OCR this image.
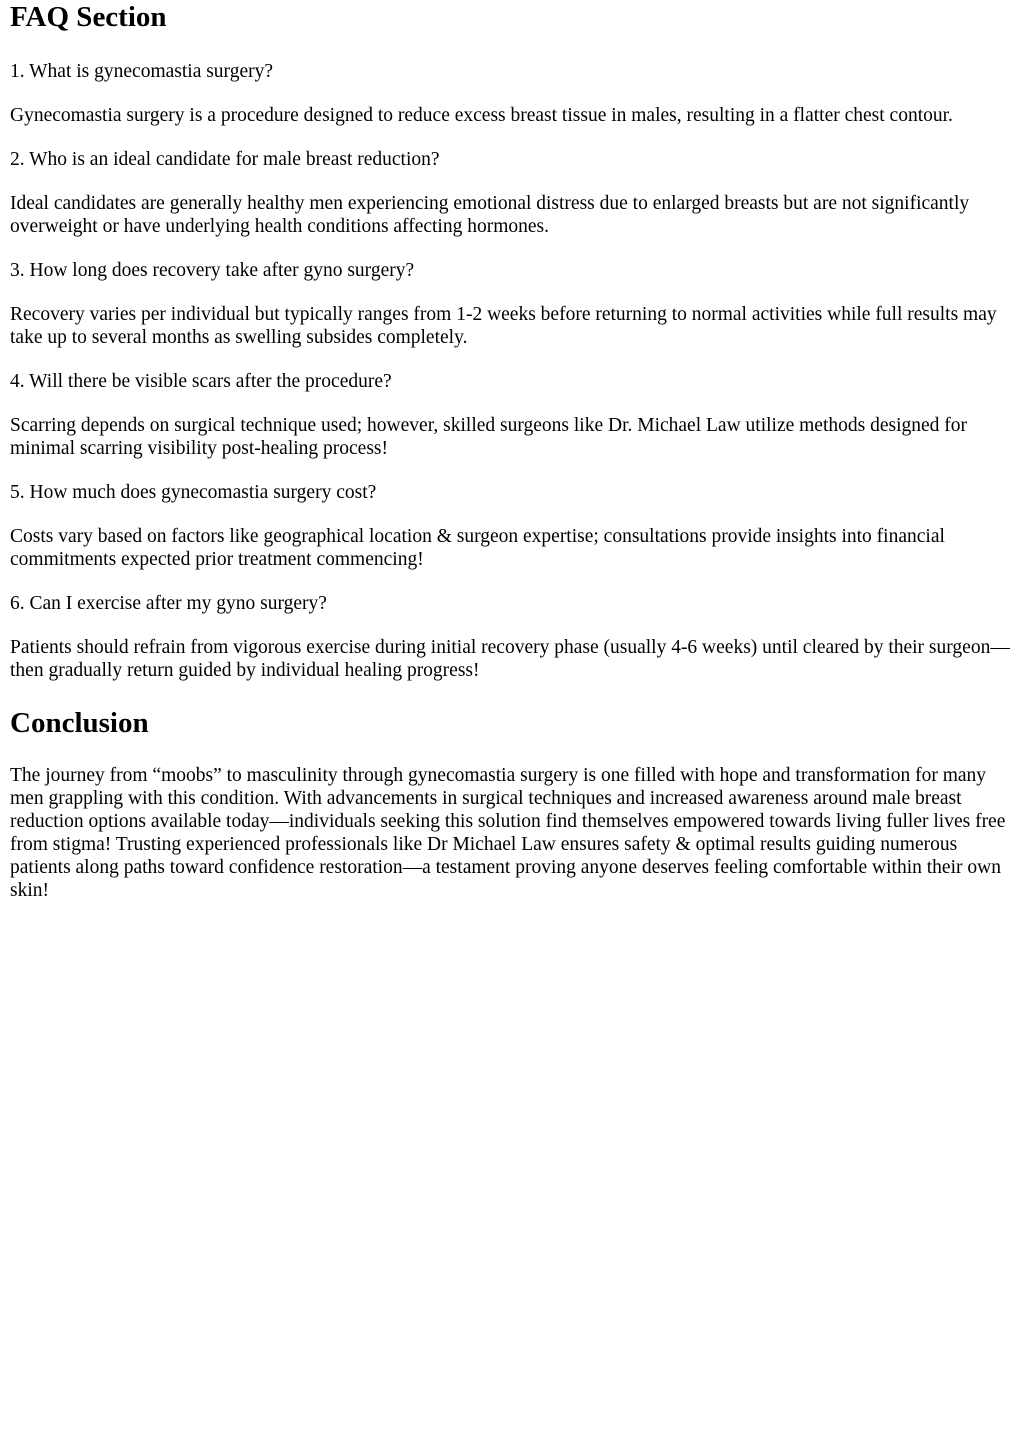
FAQ Section

1. What is gynecomastia surgery?

Gynecomastia surgery is a procedure designed to reduce excess breast tissue in males, resulting in a flatter chest contour.

2. Who is an ideal candidate for male breast reduction?

Ideal candidates are generally healthy men experiencing emotional distress due to enlarged breasts but are not significantly overweight or have underlying health conditions affecting hormones.

3. How long does recovery take after gyno surgery?

Recovery varies per individual but typically ranges from 1-2 weeks before returning to normal activities while full results may take up to several months as swelling subsides completely.

4. Will there be visible scars after the procedure?

Scarring depends on surgical technique used; however, skilled surgeons like Dr. Michael Law utilize methods designed for minimal scarring visibility post-healing process!

5. How much does gynecomastia surgery cost?

Costs vary based on factors like geographical location & surgeon expertise; consultations provide insights into financial commitments expected prior treatment commencing!

6. Can I exercise after my gyno surgery?

Patients should refrain from vigorous exercise during initial recovery phase (usually 4-6 weeks) until cleared by their surgeon—then gradually return guided by individual healing progress!

Conclusion

The journey from “moobs” to masculinity through gynecomastia surgery is one filled with hope and transformation for many men grappling with this condition. With advancements in surgical techniques and increased awareness around male breast reduction options available today—individuals seeking this solution find themselves empowered towards living fuller lives free from stigma! Trusting experienced professionals like Dr Michael Law ensures safety & optimal results guiding numerous patients along paths toward confidence restoration—a testament proving anyone deserves feeling comfortable within their own skin!
